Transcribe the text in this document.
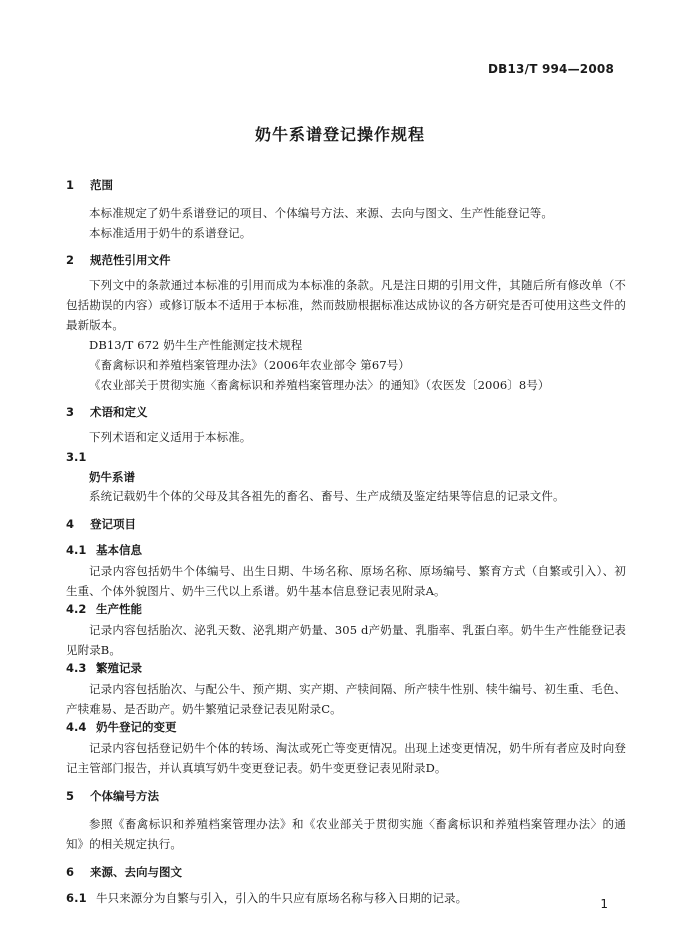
DB13/T 994—2008
奶牛系谱登记操作规程
1 范围

本标准规定了奶牛系谱登记的项目、个体编号方法、来源、去向与图文、生产性能登记等。

本标准适用于奶牛的系谱登记。

2 规范性引用文件

下列文中的条款通过本标准的引用而成为本标准的条款。凡是注日期的引用文件，其随后所有修改单（不包括勘误的内容）或修订版本不适用于本标准，然而鼓励根据标准达成协议的各方研究是否可使用这些文件的最新版本。

DB13/T 672 奶牛生产性能测定技术规程

《畜禽标识和养殖档案管理办法》（2006年农业部令 第67号）

《农业部关于贯彻实施〈畜禽标识和养殖档案管理办法〉的通知》（农医发〔2006〕8号）

3 术语和定义

下列术语和定义适用于本标准。

3.1
奶牛系谱

系统记载奶牛个体的父母及其各祖先的畜名、畜号、生产成绩及鉴定结果等信息的记录文件。

4 登记项目
4.1 基本信息

记录内容包括奶牛个体编号、出生日期、牛场名称、原场名称、原场编号、繁育方式（自繁或引入）、初生重、个体外貌图片、奶牛三代以上系谱。奶牛基本信息登记表见附录A。

4.2 生产性能

记录内容包括胎次、泌乳天数、泌乳期产奶量、305 d产奶量、乳脂率、乳蛋白率。奶牛生产性能登记表见附录B。

4.3 繁殖记录

记录内容包括胎次、与配公牛、预产期、实产期、产犊间隔、所产犊牛性别、犊牛编号、初生重、毛色、产犊难易、是否助产。奶牛繁殖记录登记表见附录C。

4.4 奶牛登记的变更

记录内容包括登记奶牛个体的转场、淘汰或死亡等变更情况。出现上述变更情况，奶牛所有者应及时向登记主管部门报告，并认真填写奶牛变更登记表。奶牛变更登记表见附录D。

5 个体编号方法

参照《畜禽标识和养殖档案管理办法》和《农业部关于贯彻实施〈畜禽标识和养殖档案管理办法〉的通知》的相关规定执行。

6 来源、去向与图文

6.1 牛只来源分为自繁与引入，引入的牛只应有原场名称与移入日期的记录。	1
